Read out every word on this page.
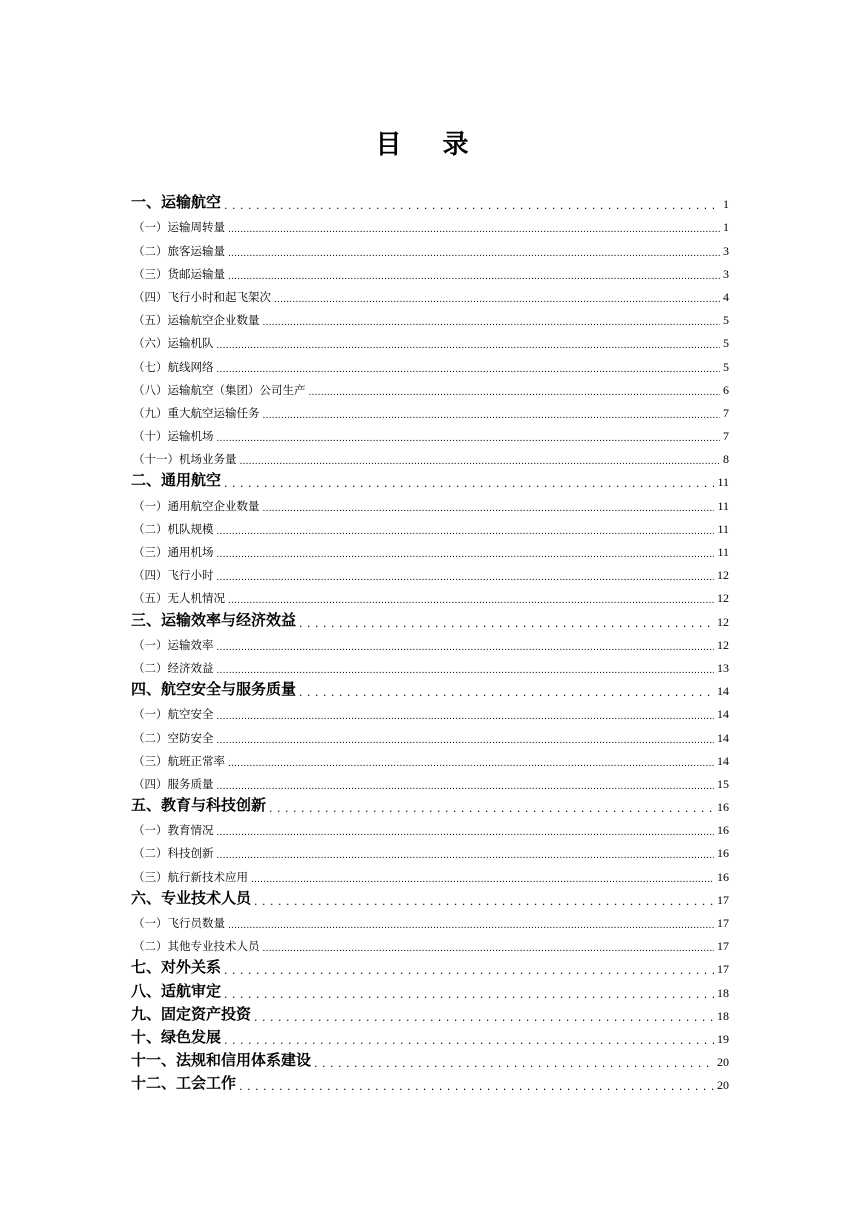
目 录
一、运输航空 .....	1
（一）运输周转量 .....	1
（二）旅客运输量 .....	3
（三）货邮运输量 .....	3
（四）飞行小时和起飞架次 .....	4
（五）运输航空企业数量 .....	5
（六）运输机队 .....	5
（七）航线网络 .....	5
（八）运输航空（集团）公司生产 .....	6
（九）重大航空运输任务 .....	7
（十）运输机场 .....	7
（十一）机场业务量 .....	8
二、通用航空 .....	11
（一）通用航空企业数量 .....	11
（二）机队规模 .....	11
（三）通用机场 .....	11
（四）飞行小时 .....	12
（五）无人机情况 .....	12
三、运输效率与经济效益 .....	12
（一）运输效率 .....	12
（二）经济效益 .....	13
四、航空安全与服务质量 .....	14
（一）航空安全 .....	14
（二）空防安全 .....	14
（三）航班正常率 .....	14
（四）服务质量 .....	15
五、教育与科技创新 .....	16
（一）教育情况 .....	16
（二）科技创新 .....	16
（三）航行新技术应用 .....	16
六、专业技术人员 .....	17
（一）飞行员数量 .....	17
（二）其他专业技术人员 .....	17
七、对外关系 .....	17
八、适航审定 .....	18
九、固定资产投资 .....	18
十、绿色发展 .....	19
十一、法规和信用体系建设 .....	20
十二、工会工作 .....	20
